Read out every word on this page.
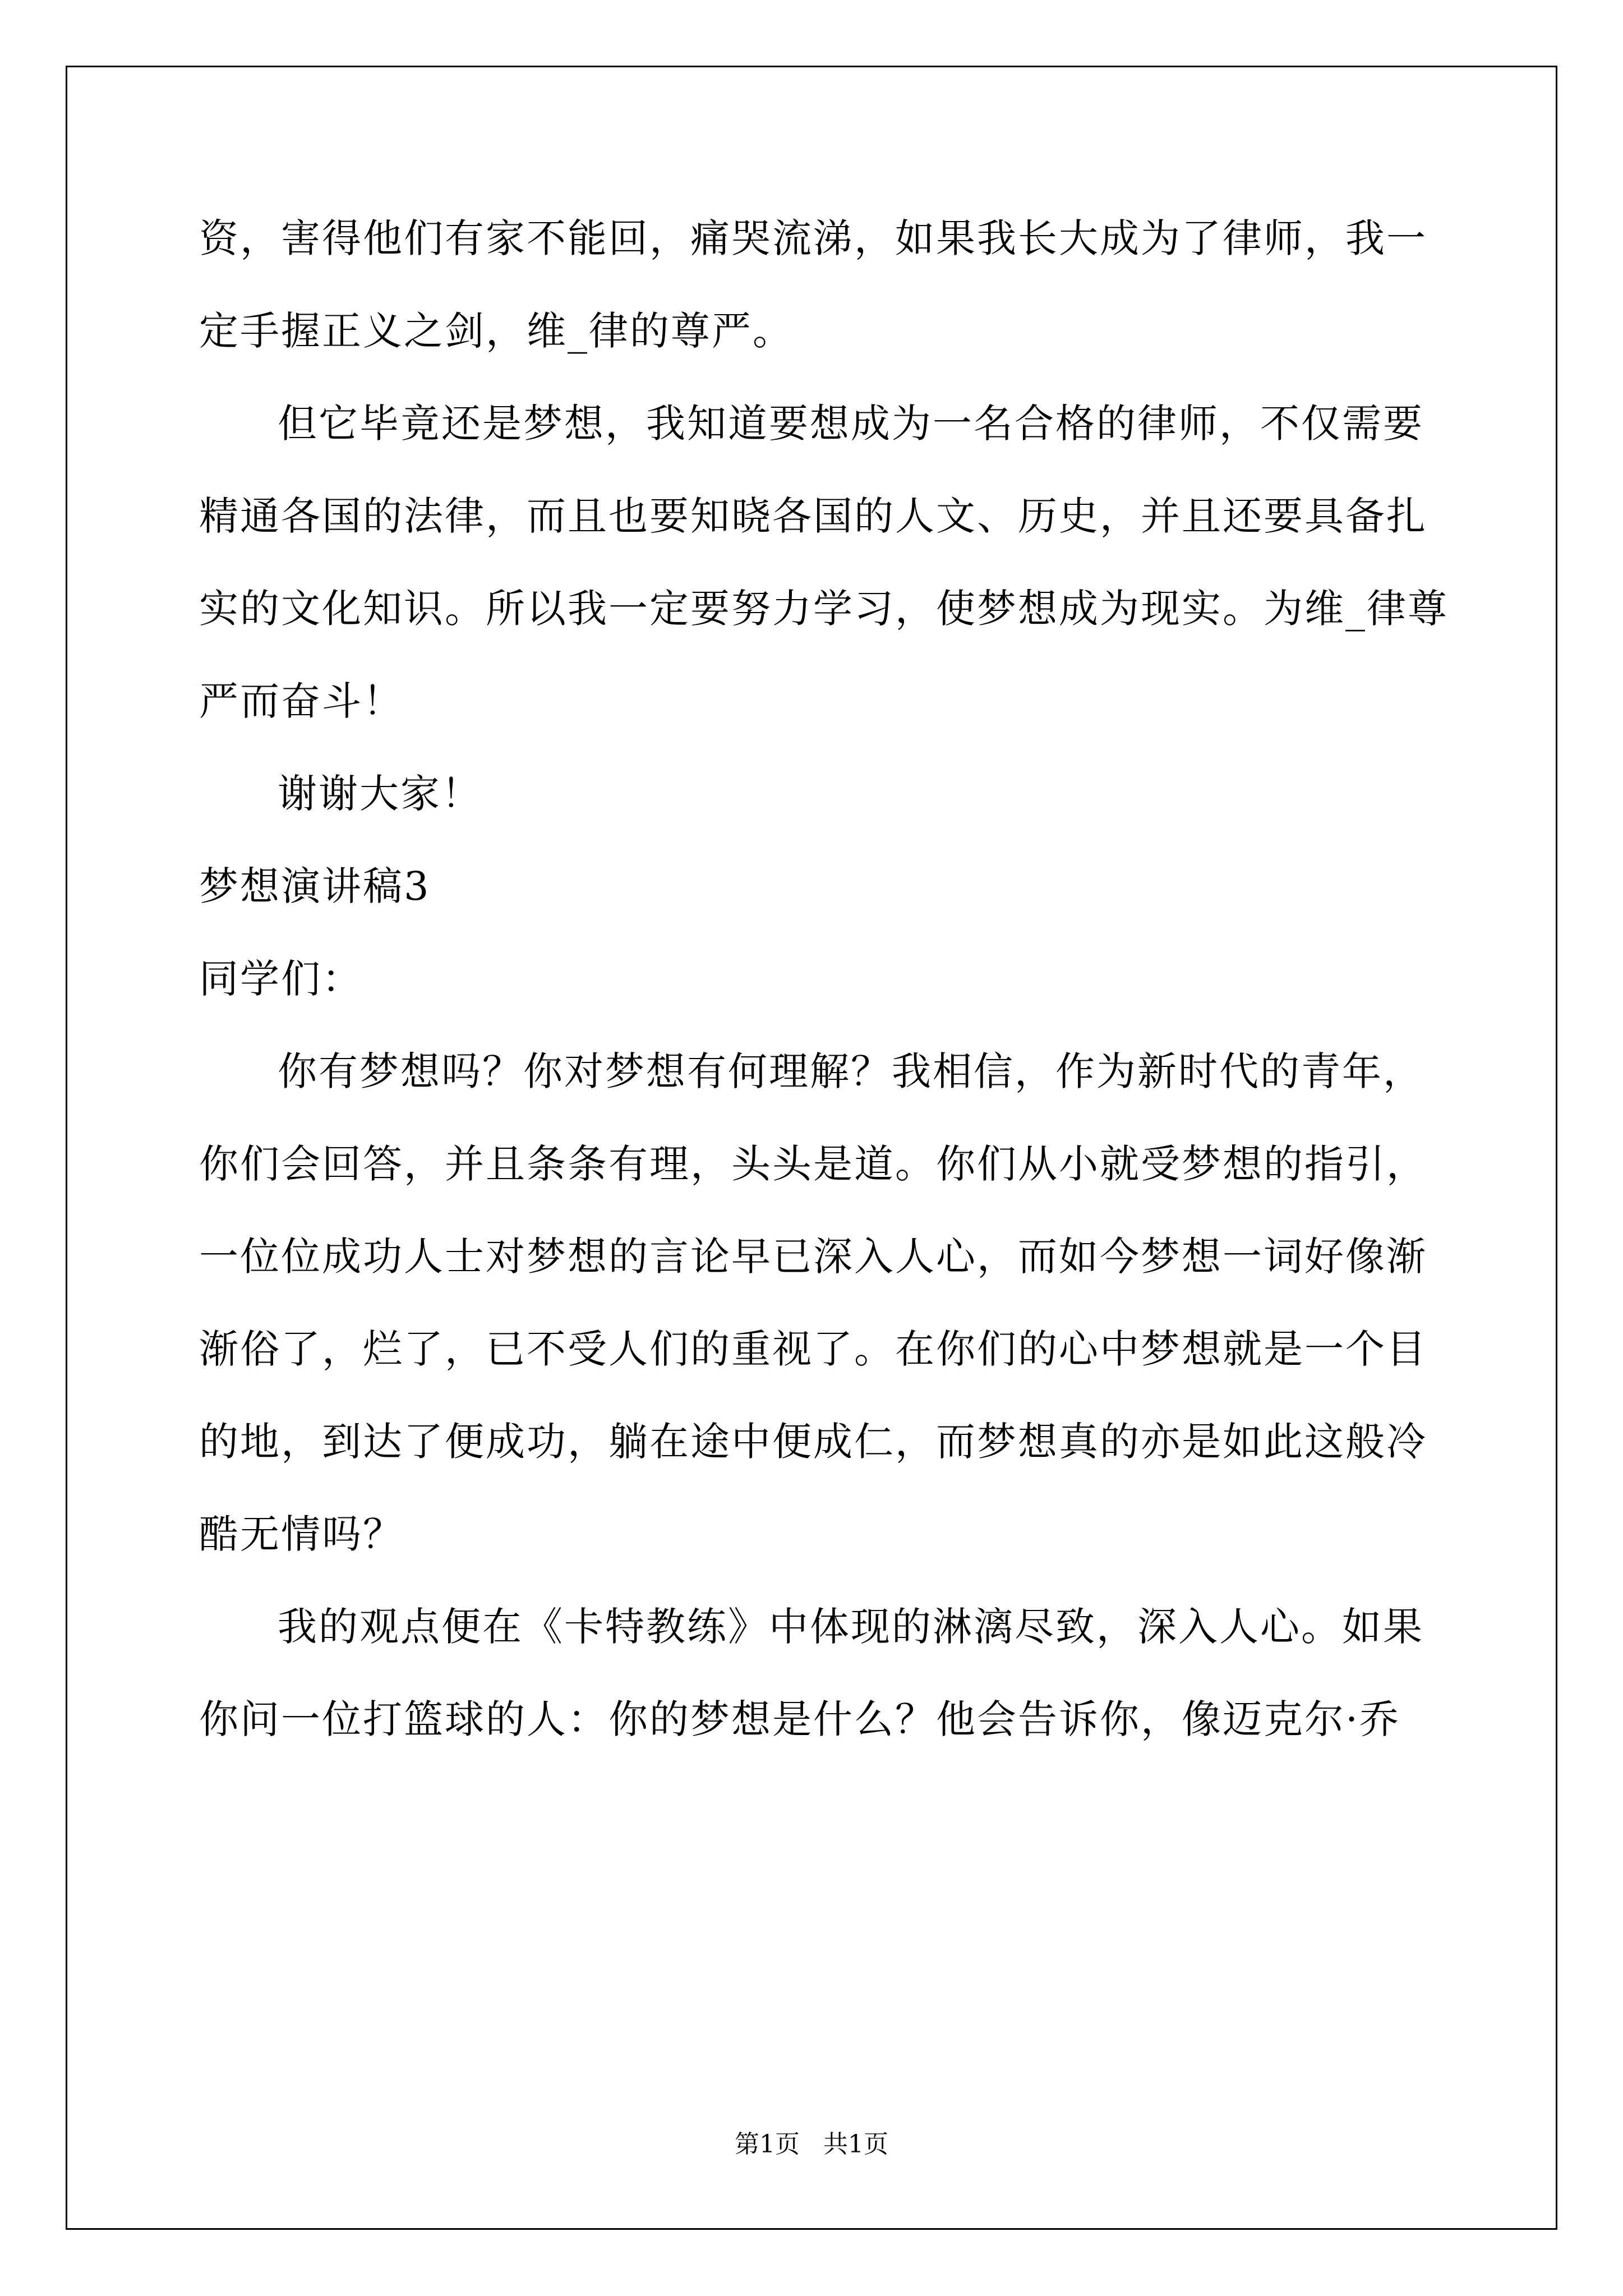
资，害得他们有家不能回，痛哭流涕，如果我长大成为了律师，我一
定手握正义之剑，维_律的尊严。
但它毕竟还是梦想，我知道要想成为一名合格的律师，不仅需要
精通各国的法律，而且也要知晓各国的人文、历史，并且还要具备扎
实的文化知识。所以我一定要努力学习，使梦想成为现实。为维_律尊
严而奋斗！
谢谢大家！
梦想演讲稿3
同学们：
你有梦想吗？你对梦想有何理解？我相信，作为新时代的青年，
你们会回答，并且条条有理，头头是道。你们从小就受梦想的指引，
一位位成功人士对梦想的言论早已深入人心，而如今梦想一词好像渐
渐俗了，烂了，已不受人们的重视了。在你们的心中梦想就是一个目
的地，到达了便成功，躺在途中便成仁，而梦想真的亦是如此这般冷
酷无情吗？
我的观点便在《卡特教练》中体现的淋漓尽致，深入人心。如果
你问一位打篮球的人：你的梦想是什么？他会告诉你，像迈克尔·乔
第1页   共1页
